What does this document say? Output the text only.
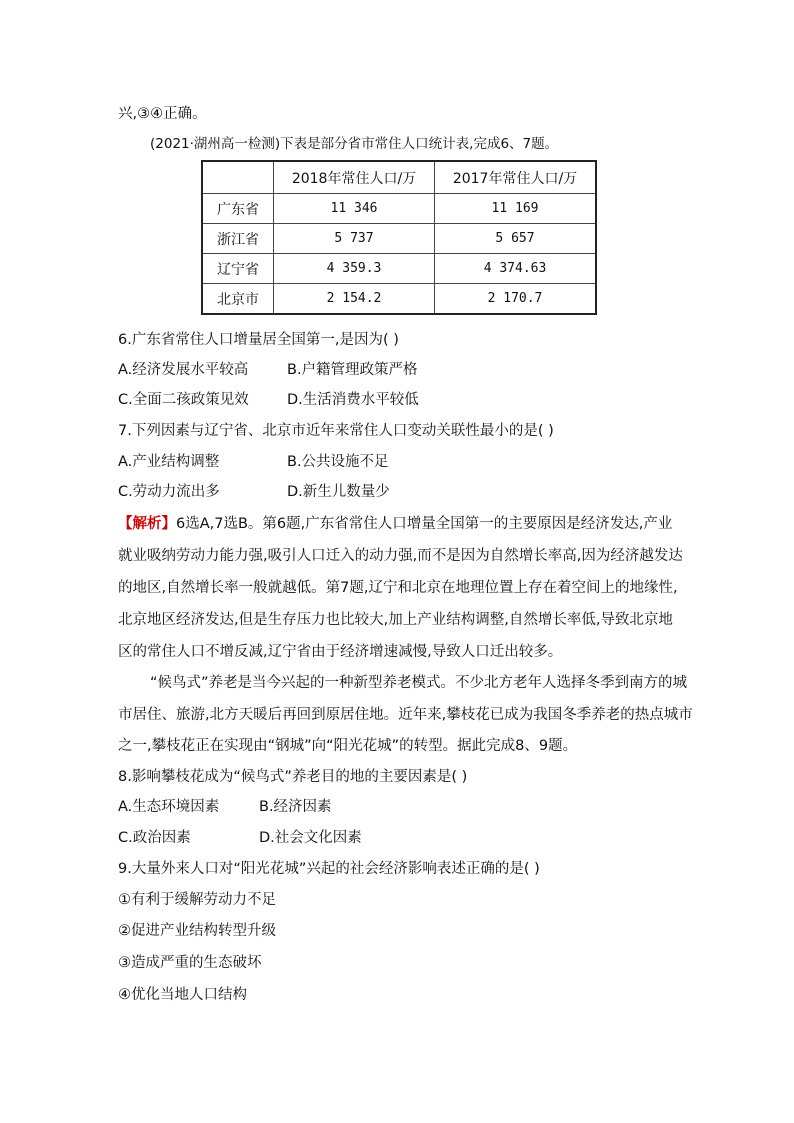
兴,③④正确。
(2021·湖州高一检测)下表是部分省市常住人口统计表,完成6、7题。
	2018年常住人口/万	2017年常住人口/万
广东省	11 346	11 169
浙江省	5 737	5 657
辽宁省	4 359.3	4 374.63
北京市	2 154.2	2 170.7
6.广东省常住人口增量居全国第一,是因为( )
A.经济发展水平较高	B.户籍管理政策严格
C.全面二孩政策见效	D.生活消费水平较低
7.下列因素与辽宁省、北京市近年来常住人口变动关联性最小的是( )
A.产业结构调整	B.公共设施不足
C.劳动力流出多	D.新生儿数量少
【解析】6选A,7选B。第6题,广东省常住人口增量全国第一的主要原因是经济发达,产业
就业吸纳劳动力能力强,吸引人口迁入的动力强,而不是因为自然增长率高,因为经济越发达
的地区,自然增长率一般就越低。第7题,辽宁和北京在地理位置上存在着空间上的地缘性,
北京地区经济发达,但是生存压力也比较大,加上产业结构调整,自然增长率低,导致北京地
区的常住人口不增反减,辽宁省由于经济增速减慢,导致人口迁出较多。
“候鸟式”养老是当今兴起的一种新型养老模式。不少北方老年人选择冬季到南方的城
市居住、旅游,北方天暖后再回到原居住地。近年来,攀枝花已成为我国冬季养老的热点城市
之一,攀枝花正在实现由“钢城”向“阳光花城”的转型。据此完成8、9题。
8.影响攀枝花成为“候鸟式”养老目的地的主要因素是( )
A.生态环境因素	B.经济因素
C.政治因素	D.社会文化因素
9.大量外来人口对“阳光花城”兴起的社会经济影响表述正确的是( )
①有利于缓解劳动力不足
②促进产业结构转型升级
③造成严重的生态破坏
④优化当地人口结构
